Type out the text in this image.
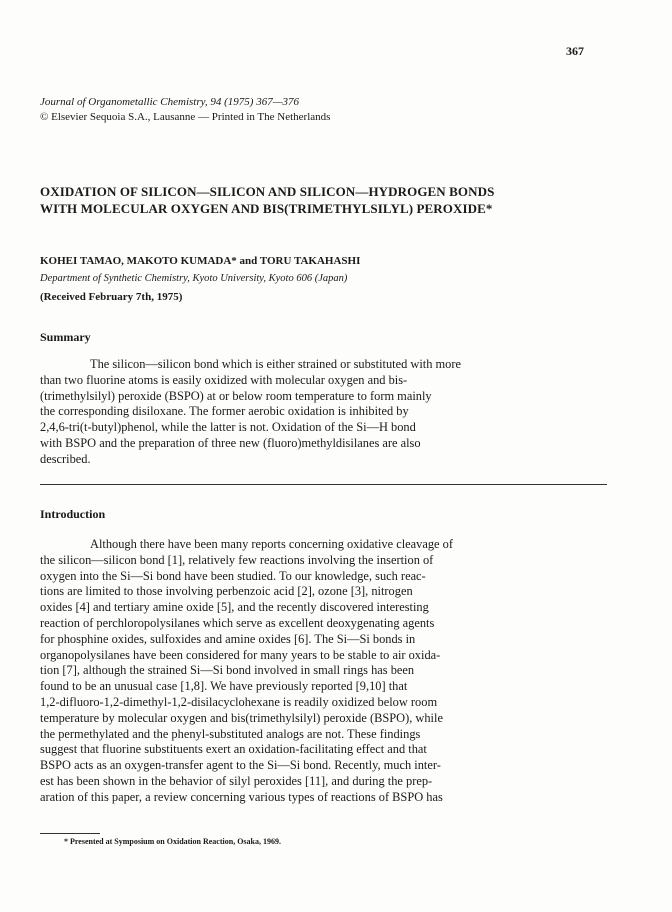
367
Journal of Organometallic Chemistry, 94 (1975) 367—376
© Elsevier Sequoia S.A., Lausanne — Printed in The Netherlands
OXIDATION OF SILICON—SILICON AND SILICON—HYDROGEN BONDS
WITH MOLECULAR OXYGEN AND BIS(TRIMETHYLSILYL) PEROXIDE*
KOHEI TAMAO, MAKOTO KUMADA* and TORU TAKAHASHI
Department of Synthetic Chemistry, Kyoto University, Kyoto 606 (Japan)
(Received February 7th, 1975)
Summary
The silicon—silicon bond which is either strained or substituted with more
than two fluorine atoms is easily oxidized with molecular oxygen and bis-
(trimethylsilyl) peroxide (BSPO) at or below room temperature to form mainly
the corresponding disiloxane. The former aerobic oxidation is inhibited by
2,4,6-tri(t-butyl)phenol, while the latter is not. Oxidation of the Si—H bond
with BSPO and the preparation of three new (fluoro)methyldisilanes are also
described.
Introduction
Although there have been many reports concerning oxidative cleavage of
the silicon—silicon bond [1], relatively few reactions involving the insertion of
oxygen into the Si—Si bond have been studied. To our knowledge, such reac-
tions are limited to those involving perbenzoic acid [2], ozone [3], nitrogen
oxides [4] and tertiary amine oxide [5], and the recently discovered interesting
reaction of perchloropolysilanes which serve as excellent deoxygenating agents
for phosphine oxides, sulfoxides and amine oxides [6]. The Si—Si bonds in
organopolysilanes have been considered for many years to be stable to air oxida-
tion [7], although the strained Si—Si bond involved in small rings has been
found to be an unusual case [1,8]. We have previously reported [9,10] that
1,2-difluoro-1,2-dimethyl-1,2-disilacyclohexane is readily oxidized below room
temperature by molecular oxygen and bis(trimethylsilyl) peroxide (BSPO), while
the permethylated and the phenyl-substituted analogs are not. These findings
suggest that fluorine substituents exert an oxidation-facilitating effect and that
BSPO acts as an oxygen-transfer agent to the Si—Si bond. Recently, much inter-
est has been shown in the behavior of silyl peroxides [11], and during the prep-
aration of this paper, a review concerning various types of reactions of BSPO has
* Presented at Symposium on Oxidation Reaction, Osaka, 1969.
